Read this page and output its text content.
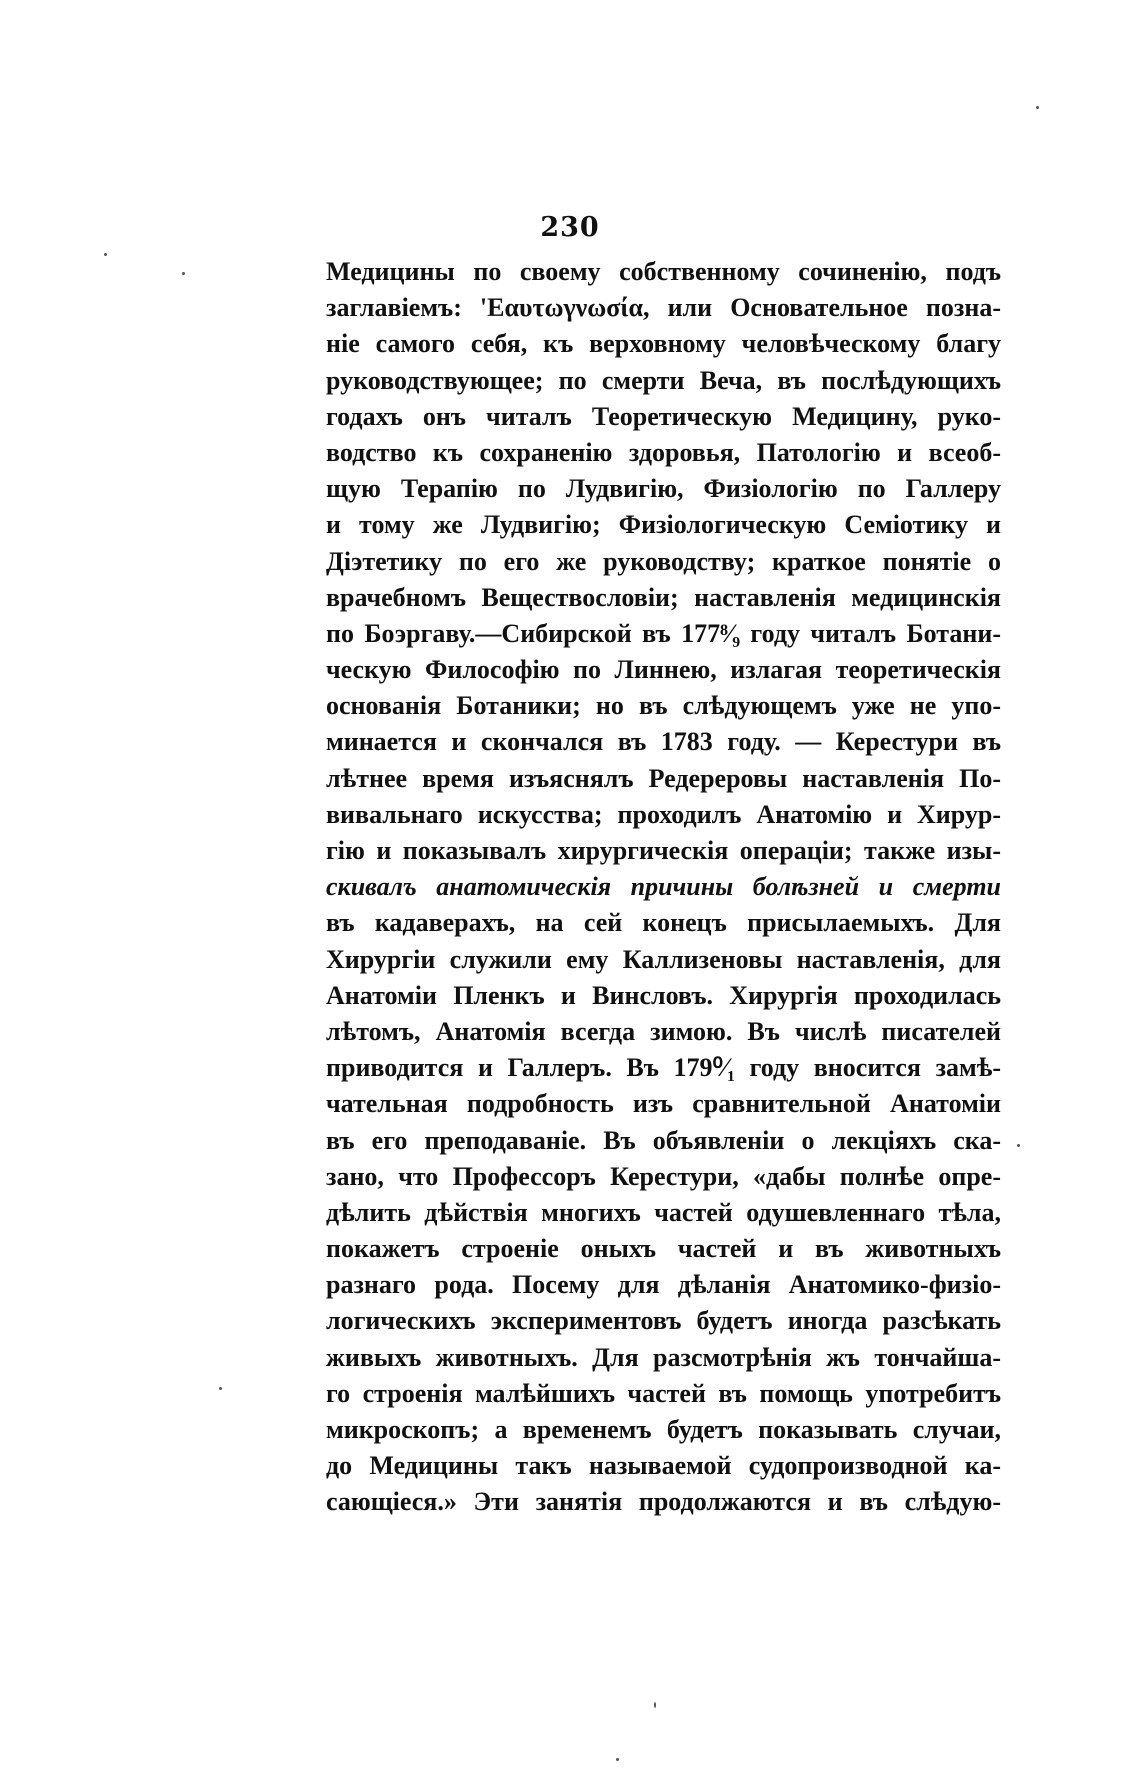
230
Медицины по своему собственному сочиненію, подъ
заглавіемъ: 'Εαυτωγνωσία, или Основательное позна-
ніе самого себя, къ верховному человѣческому благу
руководствующее; по смерти Веча, въ послѣдующихъ
годахъ онъ читалъ Теоретическую Медицину, руко-
водство къ сохраненію здоровья, Патологію и всеоб-
щую Терапію по Лудвигію, Физіологію по Галлеру
и тому же Лудвигію; Физіологическую Семіотику и
Діэтетику по его же руководству; краткое понятіе о
врачебномъ Веществословіи; наставленія медицинскія
по Боэргаву.—Сибирской въ 177⁸⁄₉ году читалъ Ботани-
ческую Философію по Линнею, излагая теоретическія
основанія Ботаники; но въ слѣдующемъ уже не упо-
минается и скончался въ 1783 году. — Керестури въ
лѣтнее время изъяснялъ Редереровы наставленія По-
вивальнаго искусства; проходилъ Анатомію и Хирур-
гію и показывалъ хирургическія операціи; также изы-
скивалъ анатомическія причины болѣзней и смерти
въ кадаверахъ, на сей конецъ присылаемыхъ. Для
Хирургіи служили ему Каллизеновы наставленія, для
Анатоміи Пленкъ и Винсловъ. Хирургія проходилась
лѣтомъ, Анатомія всегда зимою. Въ числѣ писателей
приводится и Галлеръ. Въ 179⁰⁄₁ году вносится замѣ-
чательная подробность изъ сравнительной Анатоміи
въ его преподаваніе. Въ объявленіи о лекціяхъ ска-
зано, что Профессоръ Керестури, «дабы полнѣе опре-
дѣлить дѣйствія многихъ частей одушевленнаго тѣла,
покажетъ строеніе оныхъ частей и въ животныхъ
разнаго рода. Посему для дѣланія Анатомико-физіо-
логическихъ экспериментовъ будетъ иногда разсѣкать
живыхъ животныхъ. Для разсмотрѣнія жъ тончайша-
го строенія малѣйшихъ частей въ помощь употребитъ
микроскопъ; а временемъ будетъ показывать случаи,
до Медицины такъ называемой судопроизводной ка-
сающіеся.» Эти занятія продолжаются и въ слѣдую-
